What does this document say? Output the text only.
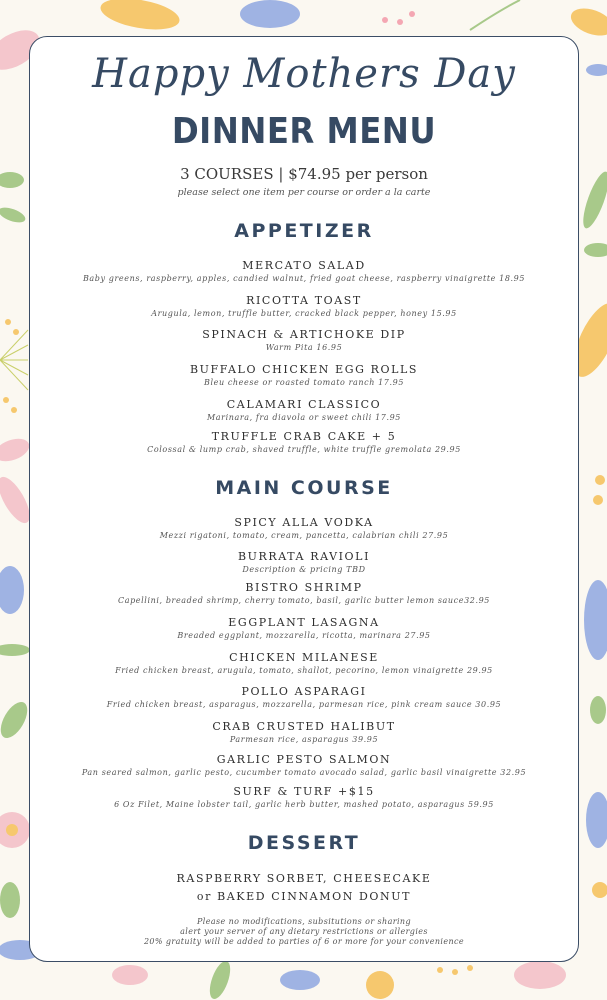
Happy Mothers Day
DINNER MENU
3 COURSES | $74.95 per person
please select one item per course or order a la carte
APPETIZER
MERCATO SALAD
Baby greens, raspberry, apples, candied walnut, fried goat cheese, raspberry vinaigrette 18.95
RICOTTA TOAST
Arugula, lemon, truffle butter, cracked black pepper, honey 15.95
SPINACH & ARTICHOKE DIP
Warm Pita 16.95
BUFFALO CHICKEN EGG ROLLS
Bleu cheese or roasted tomato ranch 17.95
CALAMARI CLASSICO
Marinara, fra diavola or sweet chili 17.95
TRUFFLE CRAB CAKE + 5
Colossal & lump crab, shaved truffle, white truffle gremolata 29.95
MAIN COURSE
SPICY ALLA VODKA
Mezzi rigatoni, tomato, cream, pancetta, calabrian chili 27.95
BURRATA RAVIOLI
Description & pricing TBD
BISTRO SHRIMP
Capellini, breaded shrimp, cherry tomato, basil, garlic butter lemon sauce32.95
EGGPLANT LASAGNA
Breaded eggplant, mozzarella, ricotta, marinara 27.95
CHICKEN MILANESE
Fried chicken breast, arugula, tomato, shallot, pecorino, lemon vinaigrette 29.95
POLLO ASPARAGI
Fried chicken breast, asparagus, mozzarella, parmesan rice, pink cream sauce 30.95
CRAB CRUSTED HALIBUT
Parmesan rice, asparagus 39.95
GARLIC PESTO SALMON
Pan seared salmon, garlic pesto, cucumber tomato avocado salad, garlic basil vinaigrette 32.95
SURF & TURF +$15
6 Oz Filet, Maine lobster tail, garlic herb butter, mashed potato, asparagus 59.95
DESSERT
RASPBERRY SORBET, CHEESECAKE
or BAKED CINNAMON DONUT
Please no modifications, subsitutions or sharing
alert your server of any dietary restrictions or allergies
20% gratuity will be added to parties of 6 or more for your convenience
